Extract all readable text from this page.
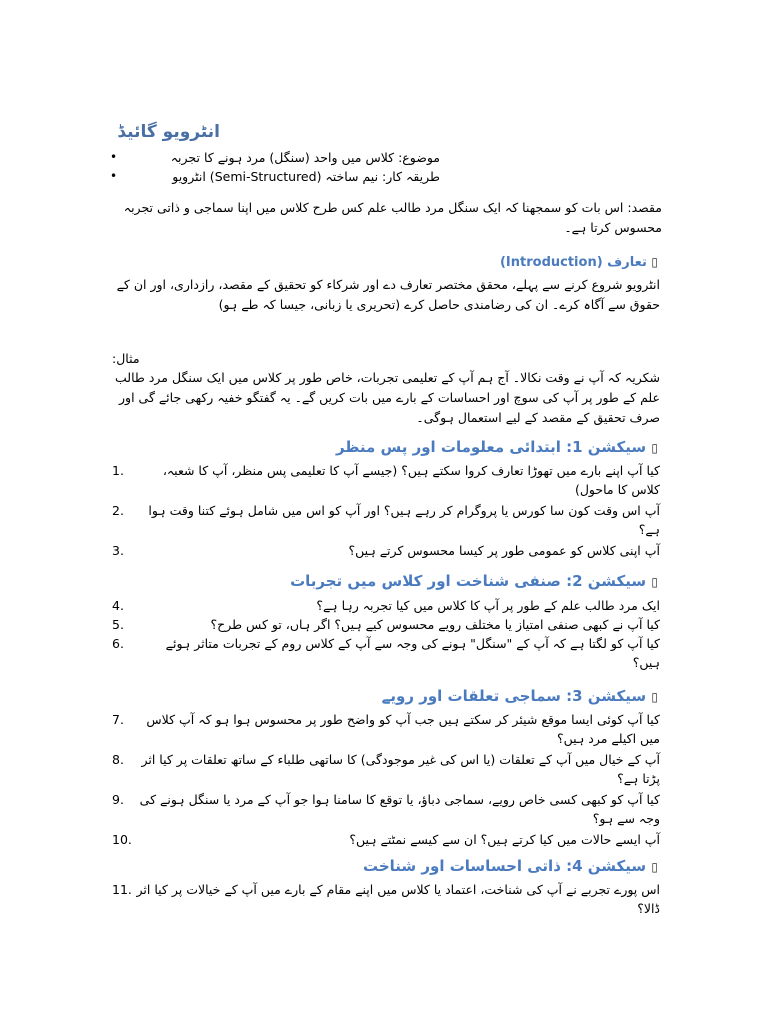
انٹرویو گائیڈ
•	موضوع: کلاس میں واحد (سنگل) مرد ہونے کا تجربہ
•	طریقہ کار: نیم ساختہ (Semi-Structured) انٹرویو
مقصد: اس بات کو سمجھنا کہ ایک سنگل مرد طالب علم کس طرح کلاس میں اپنا سماجی و ذاتی تجربہ محسوس کرتا ہے۔
▯ تعارف (Introduction)
انٹرویو شروع کرنے سے پہلے، محقق مختصر تعارف دے اور شرکاء کو تحقیق کے مقصد، رازداری، اور ان کے حقوق سے آگاہ کرے۔ ان کی رضامندی حاصل کرے (تحریری یا زبانی، جیسا کہ طے ہو)
مثال:
شکریہ کہ آپ نے وقت نکالا۔ آج ہم آپ کے تعلیمی تجربات، خاص طور پر کلاس میں ایک سنگل مرد طالب علم کے طور پر آپ کی سوچ اور احساسات کے بارے میں بات کریں گے۔ یہ گفتگو خفیہ رکھی جائے گی اور صرف تحقیق کے مقصد کے لیے استعمال ہوگی۔
▯ سیکشن 1: ابتدائی معلومات اور پس منظر
1.	کیا آپ اپنے بارے میں تھوڑا تعارف کروا سکتے ہیں؟ (جیسے آپ کا تعلیمی پس منظر، آپ کا شعبہ، کلاس کا ماحول)
2.	آپ اس وقت کون سا کورس یا پروگرام کر رہے ہیں؟ اور آپ کو اس میں شامل ہوئے کتنا وقت ہوا ہے؟
3.	آپ اپنی کلاس کو عمومی طور پر کیسا محسوس کرتے ہیں؟
▯ سیکشن 2: صنفی شناخت اور کلاس میں تجربات
4.	ایک مرد طالب علم کے طور پر آپ کا کلاس میں کیا تجربہ رہا ہے؟
5.	کیا آپ نے کبھی صنفی امتیاز یا مختلف رویے محسوس کیے ہیں؟ اگر ہاں، تو کس طرح؟
6.	کیا آپ کو لگتا ہے کہ آپ کے "سنگل" ہونے کی وجہ سے آپ کے کلاس روم کے تجربات متاثر ہوئے ہیں؟
▯ سیکشن 3: سماجی تعلقات اور رویے
7.	کیا آپ کوئی ایسا موقع شیئر کر سکتے ہیں جب آپ کو واضح طور پر محسوس ہوا ہو کہ آپ کلاس میں اکیلے مرد ہیں؟
8.	آپ کے خیال میں آپ کے تعلقات (یا اس کی غیر موجودگی) کا ساتھی طلباء کے ساتھ تعلقات پر کیا اثر پڑتا ہے؟
9.	کیا آپ کو کبھی کسی خاص رویے، سماجی دباؤ، یا توقع کا سامنا ہوا جو آپ کے مرد یا سنگل ہونے کی وجہ سے ہو؟
10.	آپ ایسے حالات میں کیا کرتے ہیں؟ ان سے کیسے نمٹتے ہیں؟
▯ سیکشن 4: ذاتی احساسات اور شناخت
11. اس پورے تجربے نے آپ کی شناخت، اعتماد یا کلاس میں اپنے مقام کے بارے میں آپ کے خیالات پر کیا اثر ڈالا؟
